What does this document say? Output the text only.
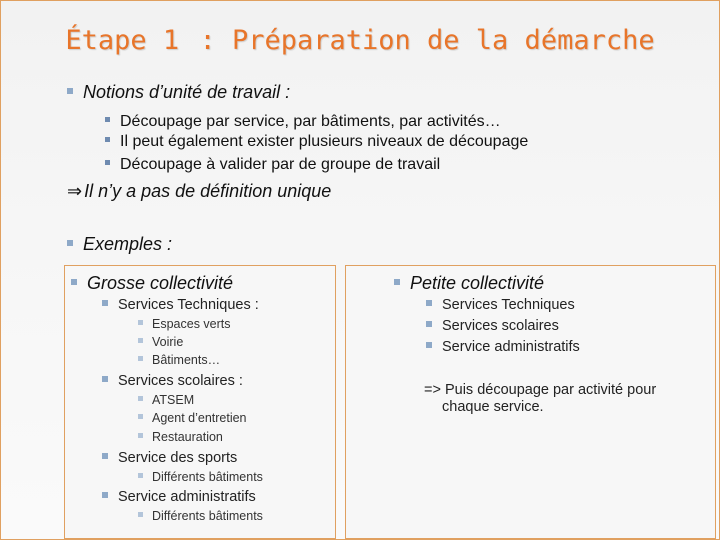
Étape 1 : Préparation de la démarche
Notions d’unité de travail :
Découpage par service, par bâtiments, par activités…
Il peut également exister plusieurs niveaux de découpage
Découpage à valider par de groupe de travail
⇒ Il n’y a pas de définition unique
Exemples :
Grosse collectivité
Services Techniques :
Espaces verts
Voirie
Bâtiments…
Services scolaires :
ATSEM
Agent d’entretien
Restauration
Service des sports
Différents bâtiments
Service administratifs
Différents bâtiments
Petite collectivité
Services Techniques
Services scolaires
Service administratifs
=> Puis découpage par activité pour
chaque service.
